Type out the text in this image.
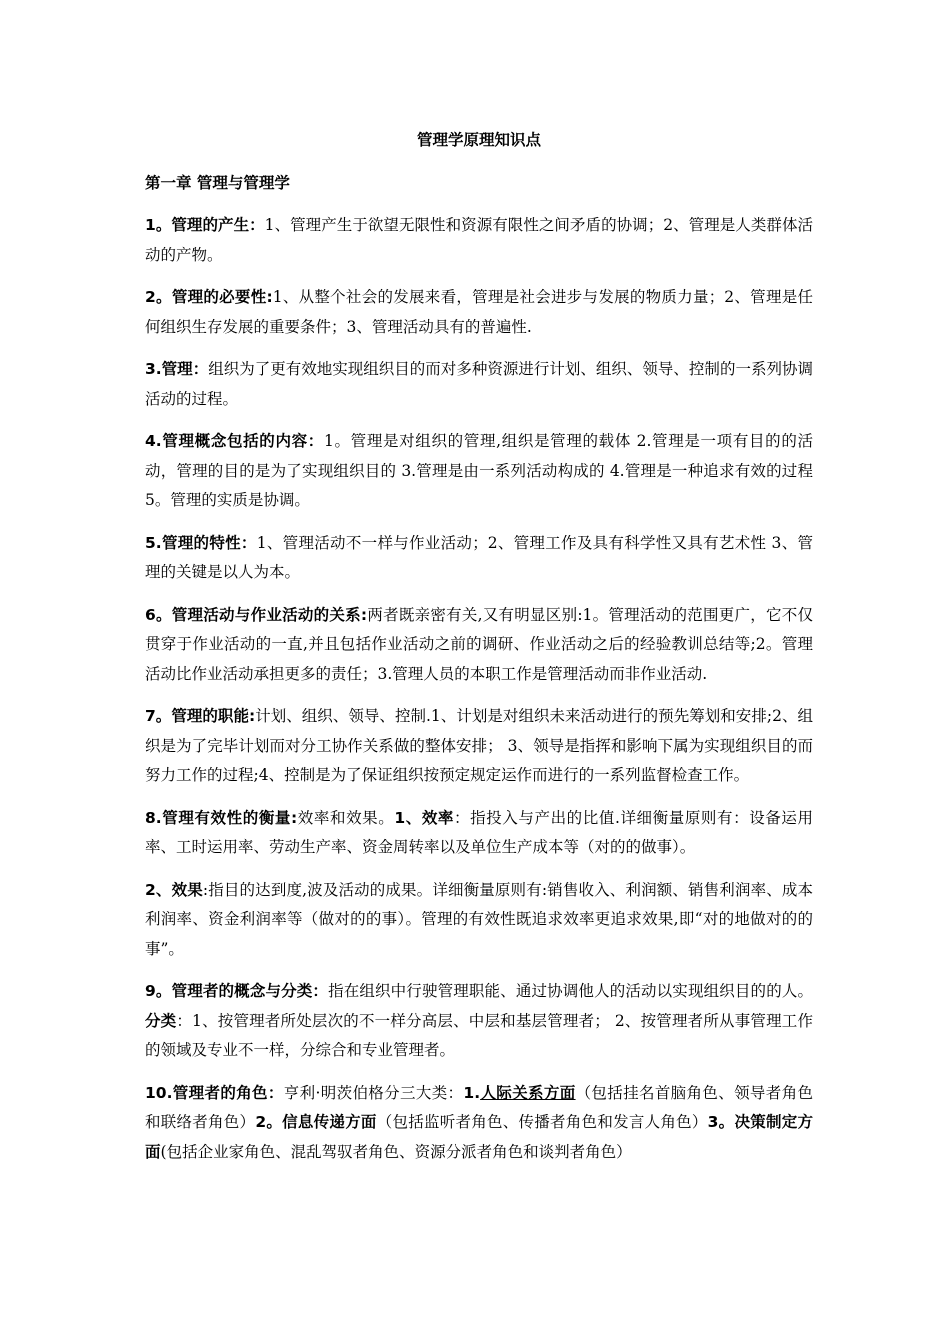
管理学原理知识点

第一章 管理与管理学

1。管理的产生：1、管理产生于欲望无限性和资源有限性之间矛盾的协调；2、管理是人类群体活动的产物。

2。管理的必要性:1、从整个社会的发展来看，管理是社会进步与发展的物质力量；2、管理是任何组织生存发展的重要条件；3、管理活动具有的普遍性.

3.管理：组织为了更有效地实现组织目的而对多种资源进行计划、组织、领导、控制的一系列协调活动的过程。

4.管理概念包括的内容：1。管理是对组织的管理,组织是管理的载体 2.管理是一项有目的的活动，管理的目的是为了实现组织目的 3.管理是由一系列活动构成的 4.管理是一种追求有效的过程 5。管理的实质是协调。

5.管理的特性：1、管理活动不一样与作业活动；2、管理工作及具有科学性又具有艺术性 3、管理的关键是以人为本。

6。管理活动与作业活动的关系:两者既亲密有关,又有明显区别:1。管理活动的范围更广，它不仅贯穿于作业活动的一直,并且包括作业活动之前的调研、作业活动之后的经验教训总结等;2。管理活动比作业活动承担更多的责任；3.管理人员的本职工作是管理活动而非作业活动.

7。管理的职能:计划、组织、领导、控制.1、计划是对组织未来活动进行的预先筹划和安排;2、组织是为了完毕计划而对分工协作关系做的整体安排； 3、领导是指挥和影响下属为实现组织目的而努力工作的过程;4、控制是为了保证组织按预定规定运作而进行的一系列监督检查工作。

8.管理有效性的衡量:效率和效果。1、效率：指投入与产出的比值.详细衡量原则有：设备运用率、工时运用率、劳动生产率、资金周转率以及单位生产成本等（对的的做事）。

2、效果:指目的达到度,波及活动的成果。详细衡量原则有:销售收入、利润额、销售利润率、成本利润率、资金利润率等（做对的的事）。管理的有效性既追求效率更追求效果,即“对的地做对的的事”。

9。管理者的概念与分类：指在组织中行驶管理职能、通过协调他人的活动以实现组织目的的人。分类：1、按管理者所处层次的不一样分高层、中层和基层管理者； 2、按管理者所从事管理工作的领域及专业不一样，分综合和专业管理者。

10.管理者的角色：亨利·明茨伯格分三大类：1.人际关系方面（包括挂名首脑角色、领导者角色和联络者角色）2。信息传递方面（包括监听者角色、传播者角色和发言人角色）3。决策制定方面(包括企业家角色、混乱驾驭者角色、资源分派者角色和谈判者角色）
